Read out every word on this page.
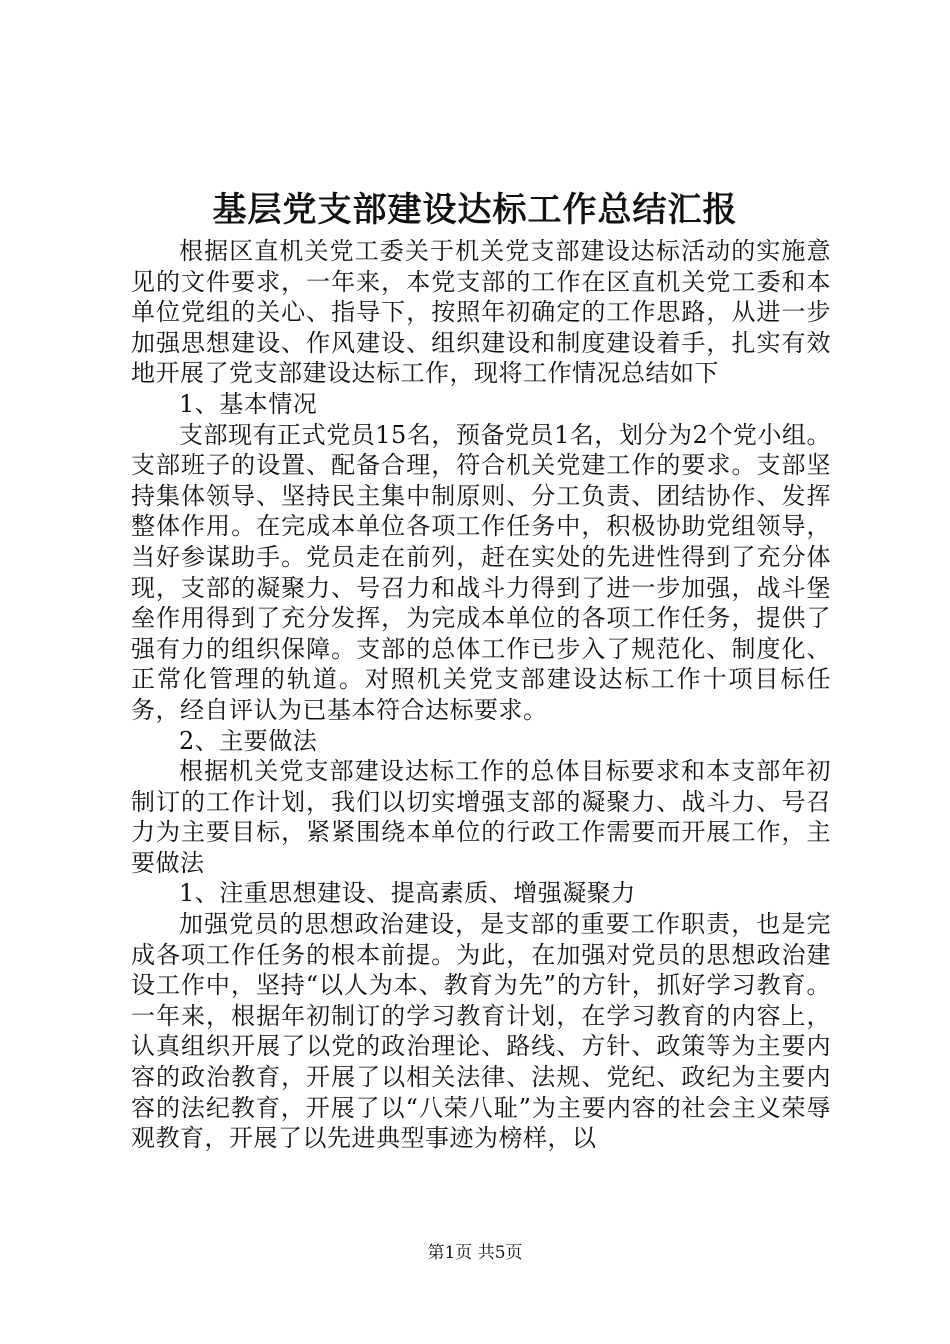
基层党支部建设达标工作总结汇报

根据区直机关党工委关于机关党支部建设达标活动的实施意见的文件要求，一年来，本党支部的工作在区直机关党工委和本单位党组的关心、指导下，按照年初确定的工作思路，从进一步加强思想建设、作风建设、组织建设和制度建设着手，扎实有效地开展了党支部建设达标工作，现将工作情况总结如下

1、基本情况

支部现有正式党员15名，预备党员1名，划分为2个党小组。支部班子的设置、配备合理，符合机关党建工作的要求。支部坚持集体领导、坚持民主集中制原则、分工负责、团结协作、发挥整体作用。在完成本单位各项工作任务中，积极协助党组领导，当好参谋助手。党员走在前列，赶在实处的先进性得到了充分体现，支部的凝聚力、号召力和战斗力得到了进一步加强，战斗堡垒作用得到了充分发挥，为完成本单位的各项工作任务，提供了强有力的组织保障。支部的总体工作已步入了规范化、制度化、正常化管理的轨道。对照机关党支部建设达标工作十项目标任务，经自评认为已基本符合达标要求。

2、主要做法

根据机关党支部建设达标工作的总体目标要求和本支部年初制订的工作计划，我们以切实增强支部的凝聚力、战斗力、号召力为主要目标，紧紧围绕本单位的行政工作需要而开展工作，主要做法

1、注重思想建设、提高素质、增强凝聚力

加强党员的思想政治建设，是支部的重要工作职责，也是完成各项工作任务的根本前提。为此，在加强对党员的思想政治建设工作中，坚持“以人为本、教育为先”的方针，抓好学习教育。一年来，根据年初制订的学习教育计划，在学习教育的内容上，认真组织开展了以党的政治理论、路线、方针、政策等为主要内容的政治教育，开展了以相关法律、法规、党纪、政纪为主要内容的法纪教育，开展了以“八荣八耻”为主要内容的社会主义荣辱观教育，开展了以先进典型事迹为榜样，以

第1页 共5页
